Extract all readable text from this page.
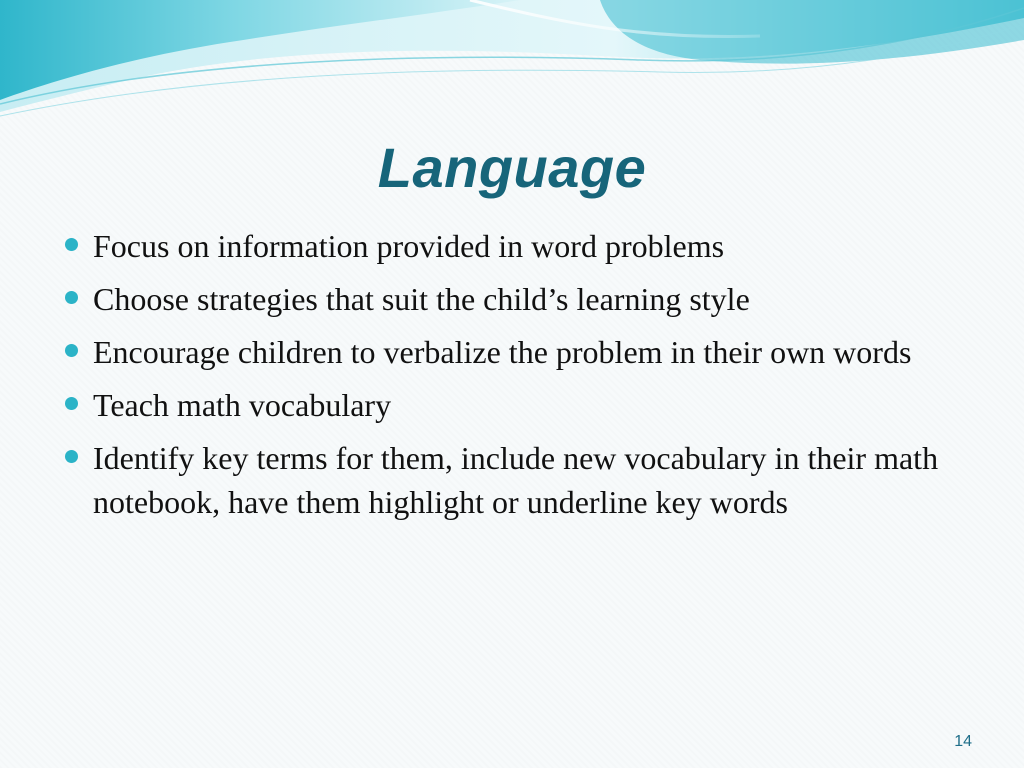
Language
Focus on information provided in word problems
Choose strategies that suit the child’s learning style
Encourage children to verbalize the problem in their own words
Teach math vocabulary
Identify key terms for them, include new vocabulary in their math notebook, have them highlight or underline key words
14
